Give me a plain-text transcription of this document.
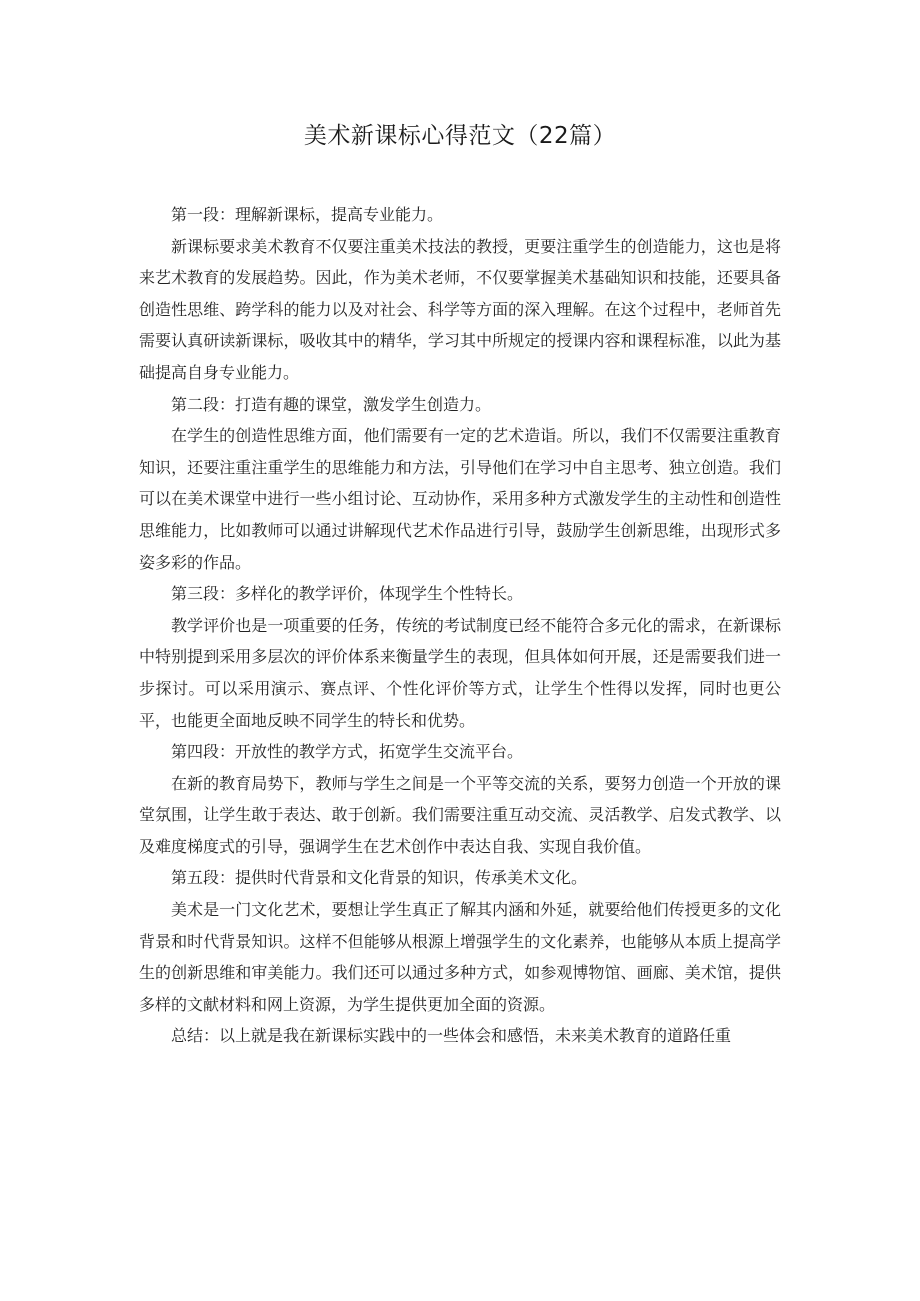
美术新课标心得范文（22篇）

第一段：理解新课标，提高专业能力。

新课标要求美术教育不仅要注重美术技法的教授，更要注重学生的创造能力，这也是将来艺术教育的发展趋势。因此，作为美术老师，不仅要掌握美术基础知识和技能，还要具备创造性思维、跨学科的能力以及对社会、科学等方面的深入理解。在这个过程中，老师首先需要认真研读新课标，吸收其中的精华，学习其中所规定的授课内容和课程标准，以此为基础提高自身专业能力。

第二段：打造有趣的课堂，激发学生创造力。

在学生的创造性思维方面，他们需要有一定的艺术造诣。所以，我们不仅需要注重教育知识，还要注重注重学生的思维能力和方法，引导他们在学习中自主思考、独立创造。我们可以在美术课堂中进行一些小组讨论、互动协作，采用多种方式激发学生的主动性和创造性思维能力，比如教师可以通过讲解现代艺术作品进行引导，鼓励学生创新思维，出现形式多姿多彩的作品。

第三段：多样化的教学评价，体现学生个性特长。

教学评价也是一项重要的任务，传统的考试制度已经不能符合多元化的需求，在新课标中特别提到采用多层次的评价体系来衡量学生的表现，但具体如何开展，还是需要我们进一步探讨。可以采用演示、赛点评、个性化评价等方式，让学生个性得以发挥，同时也更公平，也能更全面地反映不同学生的特长和优势。

第四段：开放性的教学方式，拓宽学生交流平台。

在新的教育局势下，教师与学生之间是一个平等交流的关系，要努力创造一个开放的课堂氛围，让学生敢于表达、敢于创新。我们需要注重互动交流、灵活教学、启发式教学、以及难度梯度式的引导，强调学生在艺术创作中表达自我、实现自我价值。

第五段：提供时代背景和文化背景的知识，传承美术文化。

美术是一门文化艺术，要想让学生真正了解其内涵和外延，就要给他们传授更多的文化背景和时代背景知识。这样不但能够从根源上增强学生的文化素养，也能够从本质上提高学生的创新思维和审美能力。我们还可以通过多种方式，如参观博物馆、画廊、美术馆，提供多样的文献材料和网上资源，为学生提供更加全面的资源。

总结：以上就是我在新课标实践中的一些体会和感悟，未来美术教育的道路任重
